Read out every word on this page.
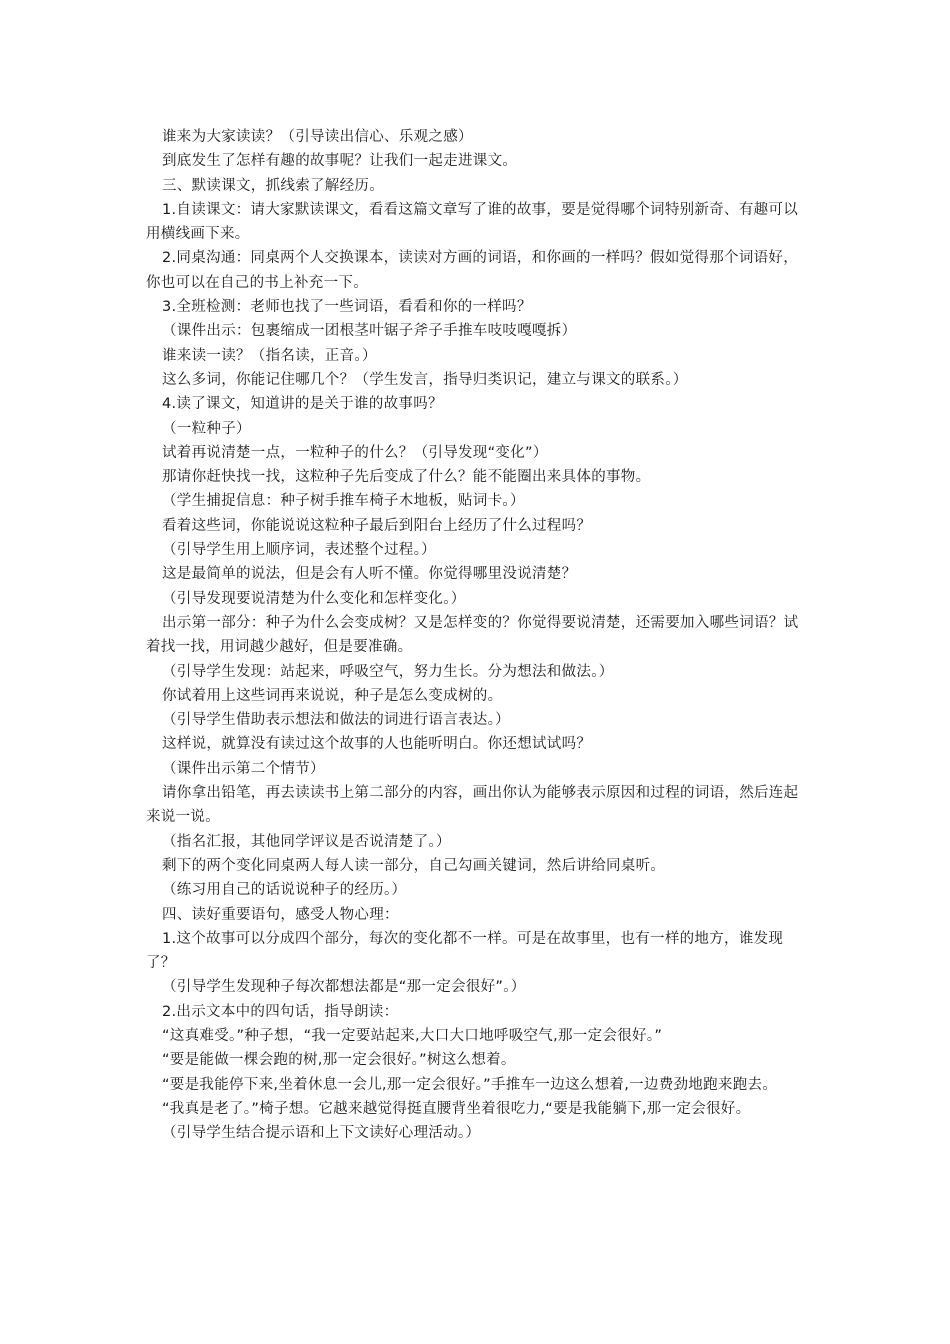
谁来为大家读读？（引导读出信心、乐观之感）

到底发生了怎样有趣的故事呢？让我们一起走进课文。

三、默读课文，抓线索了解经历。

1.自读课文：请大家默读课文，看看这篇文章写了谁的故事，要是觉得哪个词特别新奇、有趣可以用横线画下来。

2.同桌沟通：同桌两个人交换课本，读读对方画的词语，和你画的一样吗？假如觉得那个词语好，你也可以在自己的书上补充一下。

3.全班检测：老师也找了一些词语，看看和你的一样吗？

（课件出示：包裹缩成一团根茎叶锯子斧子手推车吱吱嘎嘎拆）

谁来读一读？（指名读，正音。）

这么多词，你能记住哪几个？（学生发言，指导归类识记，建立与课文的联系。）

4.读了课文，知道讲的是关于谁的故事吗？

（一粒种子）

试着再说清楚一点，一粒种子的什么？（引导发现“变化”）

那请你赶快找一找，这粒种子先后变成了什么？能不能圈出来具体的事物。

（学生捕捉信息：种子树手推车椅子木地板，贴词卡。）

看着这些词，你能说说这粒种子最后到阳台上经历了什么过程吗？

（引导学生用上顺序词，表述整个过程。）

这是最简单的说法，但是会有人听不懂。你觉得哪里没说清楚？

（引导发现要说清楚为什么变化和怎样变化。）

出示第一部分：种子为什么会变成树？又是怎样变的？你觉得要说清楚，还需要加入哪些词语？试着找一找，用词越少越好，但是要准确。

（引导学生发现：站起来，呼吸空气，努力生长。分为想法和做法。）

你试着用上这些词再来说说，种子是怎么变成树的。

（引导学生借助表示想法和做法的词进行语言表达。）

这样说，就算没有读过这个故事的人也能听明白。你还想试试吗？

（课件出示第二个情节）

请你拿出铅笔，再去读读书上第二部分的内容，画出你认为能够表示原因和过程的词语，然后连起来说一说。

（指名汇报，其他同学评议是否说清楚了。）

剩下的两个变化同桌两人每人读一部分，自己勾画关键词，然后讲给同桌听。

（练习用自己的话说说种子的经历。）

四、读好重要语句，感受人物心理：

1.这个故事可以分成四个部分，每次的变化都不一样。可是在故事里，也有一样的地方，谁发现了？

（引导学生发现种子每次都想法都是“那一定会很好”。）

2.出示文本中的四句话，指导朗读：

“这真难受。”种子想，“我一定要站起来,大口大口地呼吸空气,那一定会很好。”

“要是能做一棵会跑的树,那一定会很好。”树这么想着。

“要是我能停下来,坐着休息一会儿,那一定会很好。”手推车一边这么想着,一边费劲地跑来跑去。

“我真是老了。”椅子想。它越来越觉得挺直腰背坐着很吃力,“要是我能躺下,那一定会很好。

（引导学生结合提示语和上下文读好心理活动。）
